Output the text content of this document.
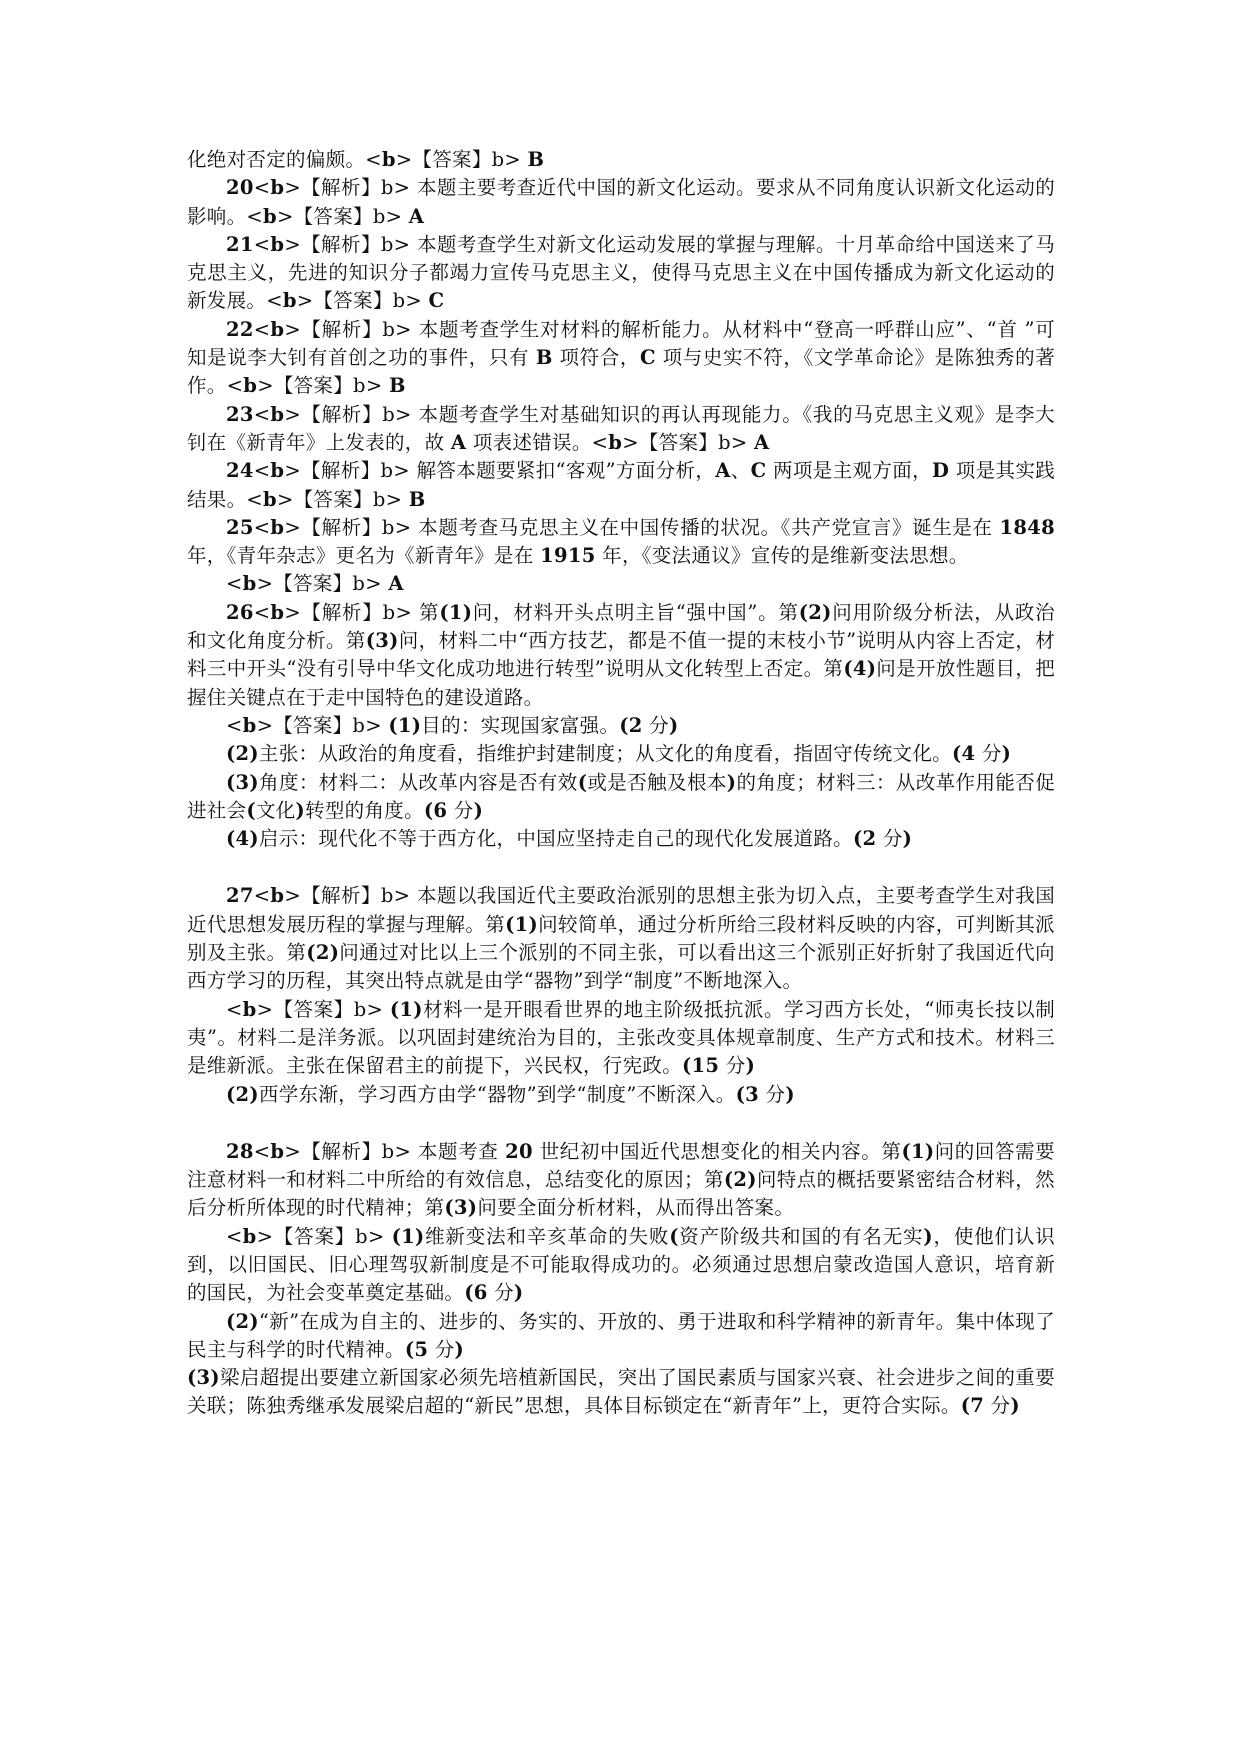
化绝对否定的偏颇。<b>【答案】b> B

20<b>【解析】b> 本题主要考查近代中国的新文化运动。要求从不同角度认识新文化运动的影响。<b>【答案】b> A

21<b>【解析】b> 本题考查学生对新文化运动发展的掌握与理解。十月革命给中国送来了马克思主义，先进的知识分子都竭力宣传马克思主义，使得马克思主义在中国传播成为新文化运动的新发展。<b>【答案】b> C

22<b>【解析】b> 本题考查学生对材料的解析能力。从材料中“登高一呼群山应”、“首 ”可知是说李大钊有首创之功的事件，只有 B 项符合，C 项与史实不符，《文学革命论》是陈独秀的著作。<b>【答案】b> B

23<b>【解析】b> 本题考查学生对基础知识的再认再现能力。《我的马克思主义观》是李大钊在《新青年》上发表的，故 A 项表述错误。<b>【答案】b> A

24<b>【解析】b> 解答本题要紧扣“客观”方面分析，A、C 两项是主观方面，D 项是其实践结果。<b>【答案】b> B

25<b>【解析】b> 本题考查马克思主义在中国传播的状况。《共产党宣言》诞生是在 1848 年，《青年杂志》更名为《新青年》是在 1915 年，《变法通议》宣传的是维新变法思想。

<b>【答案】b> A

26<b>【解析】b> 第(1)问，材料开头点明主旨“强中国”。第(2)问用阶级分析法，从政治和文化角度分析。第(3)问，材料二中“西方技艺，都是不值一提的末枝小节”说明从内容上否定，材料三中开头“没有引导中华文化成功地进行转型”说明从文化转型上否定。第(4)问是开放性题目，把握住关键点在于走中国特色的建设道路。

<b>【答案】b> (1)目的：实现国家富强。(2 分)

(2)主张：从政治的角度看，指维护封建制度；从文化的角度看，指固守传统文化。(4 分)

(3)角度：材料二：从改革内容是否有效(或是否触及根本)的角度；材料三：从改革作用能否促进社会(文化)转型的角度。(6 分)

(4)启示：现代化不等于西方化，中国应坚持走自己的现代化发展道路。(2 分)

27<b>【解析】b> 本题以我国近代主要政治派别的思想主张为切入点，主要考查学生对我国近代思想发展历程的掌握与理解。第(1)问较简单，通过分析所给三段材料反映的内容，可判断其派别及主张。第(2)问通过对比以上三个派别的不同主张，可以看出这三个派别正好折射了我国近代向西方学习的历程，其突出特点就是由学“器物”到学“制度”不断地深入。

<b>【答案】b> (1)材料一是开眼看世界的地主阶级抵抗派。学习西方长处，“师夷长技以制夷”。材料二是洋务派。以巩固封建统治为目的，主张改变具体规章制度、生产方式和技术。材料三是维新派。主张在保留君主的前提下，兴民权，行宪政。(15 分)

(2)西学东渐，学习西方由学“器物”到学“制度”不断深入。(3 分)

28<b>【解析】b> 本题考查 20 世纪初中国近代思想变化的相关内容。第(1)问的回答需要注意材料一和材料二中所给的有效信息，总结变化的原因；第(2)问特点的概括要紧密结合材料，然后分析所体现的时代精神；第(3)问要全面分析材料，从而得出答案。

<b>【答案】b> (1)维新变法和辛亥革命的失败(资产阶级共和国的有名无实)，使他们认识到，以旧国民、旧心理驾驭新制度是不可能取得成功的。必须通过思想启蒙改造国人意识，培育新的国民，为社会变革奠定基础。(6 分)

(2)“新”在成为自主的、进步的、务实的、开放的、勇于进取和科学精神的新青年。集中体现了民主与科学的时代精神。(5 分)

(3)梁启超提出要建立新国家必须先培植新国民，突出了国民素质与国家兴衰、社会进步之间的重要关联；陈独秀继承发展梁启超的“新民”思想，具体目标锁定在“新青年”上，更符合实际。(7 分)
